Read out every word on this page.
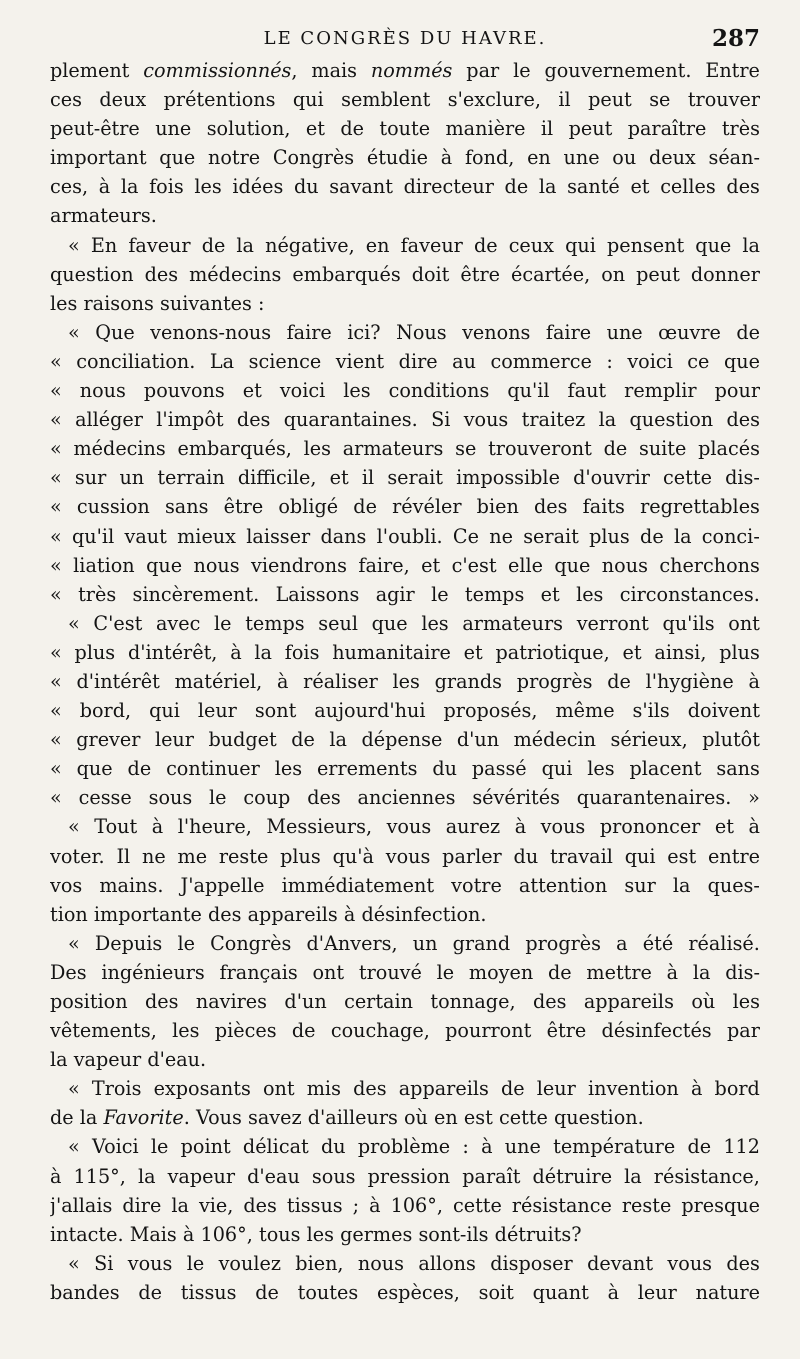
LE CONGRÈS DU HAVRE.	287
plement commissionnés, mais nommés par le gouvernement. Entre
ces deux prétentions qui semblent s'exclure, il peut se trouver
peut-être une solution, et de toute manière il peut paraître très
important que notre Congrès étudie à fond, en une ou deux séan-
ces, à la fois les idées du savant directeur de la santé et celles des
armateurs.
« En faveur de la négative, en faveur de ceux qui pensent que la
question des médecins embarqués doit être écartée, on peut donner
les raisons suivantes :
« Que venons-nous faire ici? Nous venons faire une œuvre de
« conciliation. La science vient dire au commerce : voici ce que
« nous pouvons et voici les conditions qu'il faut remplir pour
« alléger l'impôt des quarantaines. Si vous traitez la question des
« médecins embarqués, les armateurs se trouveront de suite placés
« sur un terrain difficile, et il serait impossible d'ouvrir cette dis-
« cussion sans être obligé de révéler bien des faits regrettables
« qu'il vaut mieux laisser dans l'oubli. Ce ne serait plus de la conci-
« liation que nous viendrons faire, et c'est elle que nous cherchons
« très sincèrement. Laissons agir le temps et les circonstances.
« C'est avec le temps seul que les armateurs verront qu'ils ont
« plus d'intérêt, à la fois humanitaire et patriotique, et ainsi, plus
« d'intérêt matériel, à réaliser les grands progrès de l'hygiène à
« bord, qui leur sont aujourd'hui proposés, même s'ils doivent
« grever leur budget de la dépense d'un médecin sérieux, plutôt
« que de continuer les errements du passé qui les placent sans
« cesse sous le coup des anciennes sévérités quarantenaires. »
« Tout à l'heure, Messieurs, vous aurez à vous prononcer et à
voter. Il ne me reste plus qu'à vous parler du travail qui est entre
vos mains. J'appelle immédiatement votre attention sur la ques-
tion importante des appareils à désinfection.
« Depuis le Congrès d'Anvers, un grand progrès a été réalisé.
Des ingénieurs français ont trouvé le moyen de mettre à la dis-
position des navires d'un certain tonnage, des appareils où les
vêtements, les pièces de couchage, pourront être désinfectés par
la vapeur d'eau.
« Trois exposants ont mis des appareils de leur invention à bord
de la Favorite. Vous savez d'ailleurs où en est cette question.
« Voici le point délicat du problème : à une température de 112
à 115°, la vapeur d'eau sous pression paraît détruire la résistance,
j'allais dire la vie, des tissus ; à 106°, cette résistance reste presque
intacte. Mais à 106°, tous les germes sont-ils détruits?
« Si vous le voulez bien, nous allons disposer devant vous des
bandes de tissus de toutes espèces, soit quant à leur nature
